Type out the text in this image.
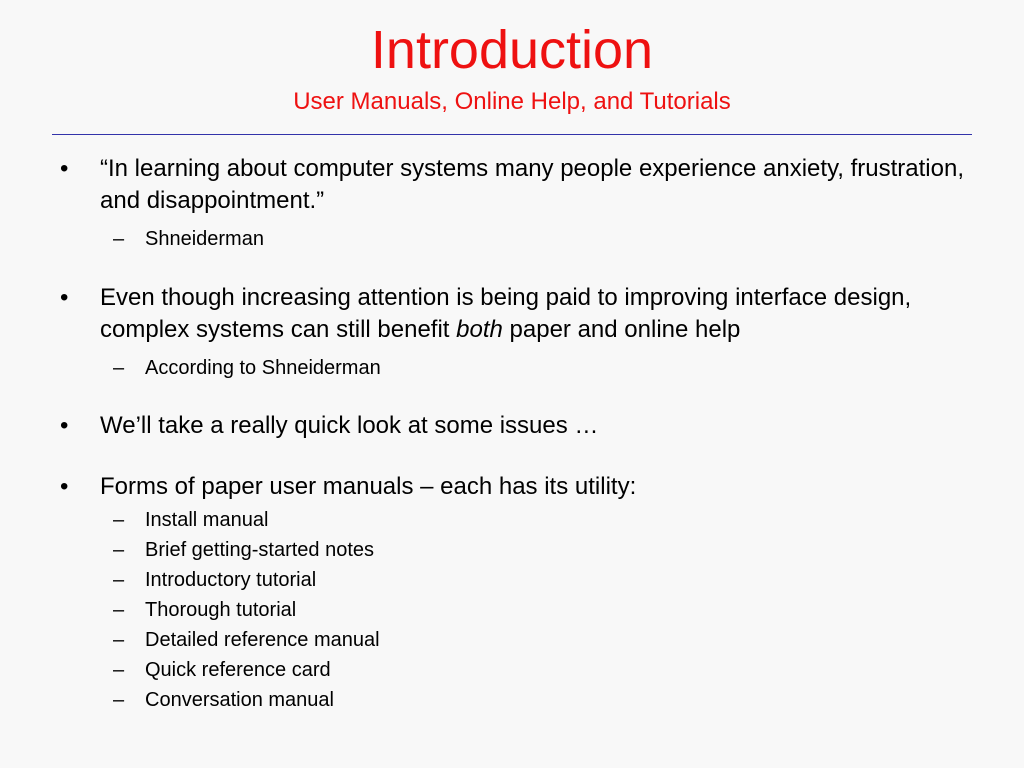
Introduction
User Manuals, Online Help, and Tutorials
• “In learning about computer systems many people experience anxiety, frustration, and disappointment.”
– Shneiderman
• Even though increasing attention is being paid to improving interface design, complex systems can still benefit both paper and online help
– According to Shneiderman
• We’ll take a really quick look at some issues …
• Forms of paper user manuals – each has its utility:
– Install manual
– Brief getting-started notes
– Introductory tutorial
– Thorough tutorial
– Detailed reference manual
– Quick reference card
– Conversation manual
